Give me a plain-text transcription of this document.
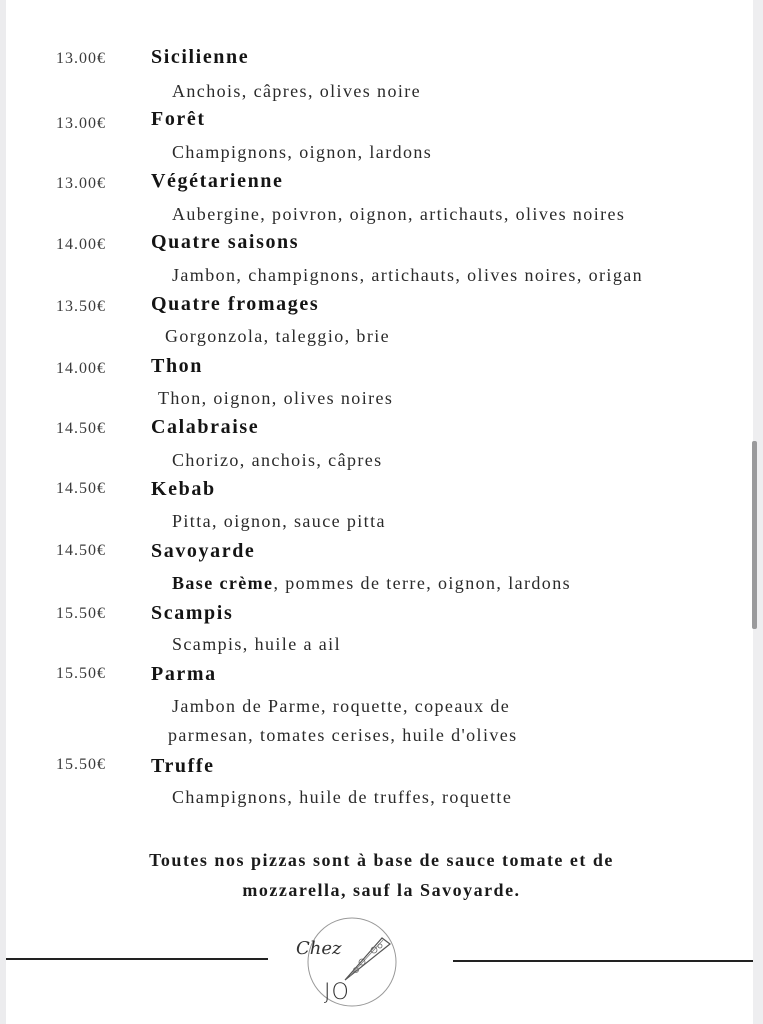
13.00€	Sicilienne
Anchois, câpres, olives noire
13.00€	Forêt
Champignons, oignon, lardons
13.00€	Végétarienne
Aubergine, poivron, oignon, artichauts, olives noires
14.00€	Quatre saisons
Jambon, champignons, artichauts, olives noires, origan
13.50€	Quatre fromages
Gorgonzola, taleggio, brie
14.00€	Thon
Thon, oignon, olives noires
14.50€	Calabraise
Chorizo, anchois, câpres
14.50€	Kebab
Pitta, oignon, sauce pitta
14.50€	Savoyarde
Base crème, pommes de terre, oignon, lardons
15.50€	Scampis
Scampis, huile a ail
15.50€	Parma
Jambon de Parme, roquette, copeaux de
parmesan, tomates cerises, huile d'olives
15.50€	Truffe
Champignons, huile de truffes, roquette
Toutes nos pizzas sont à base de sauce tomate et de
mozzarella, sauf la Savoyarde.
Chez
JO
